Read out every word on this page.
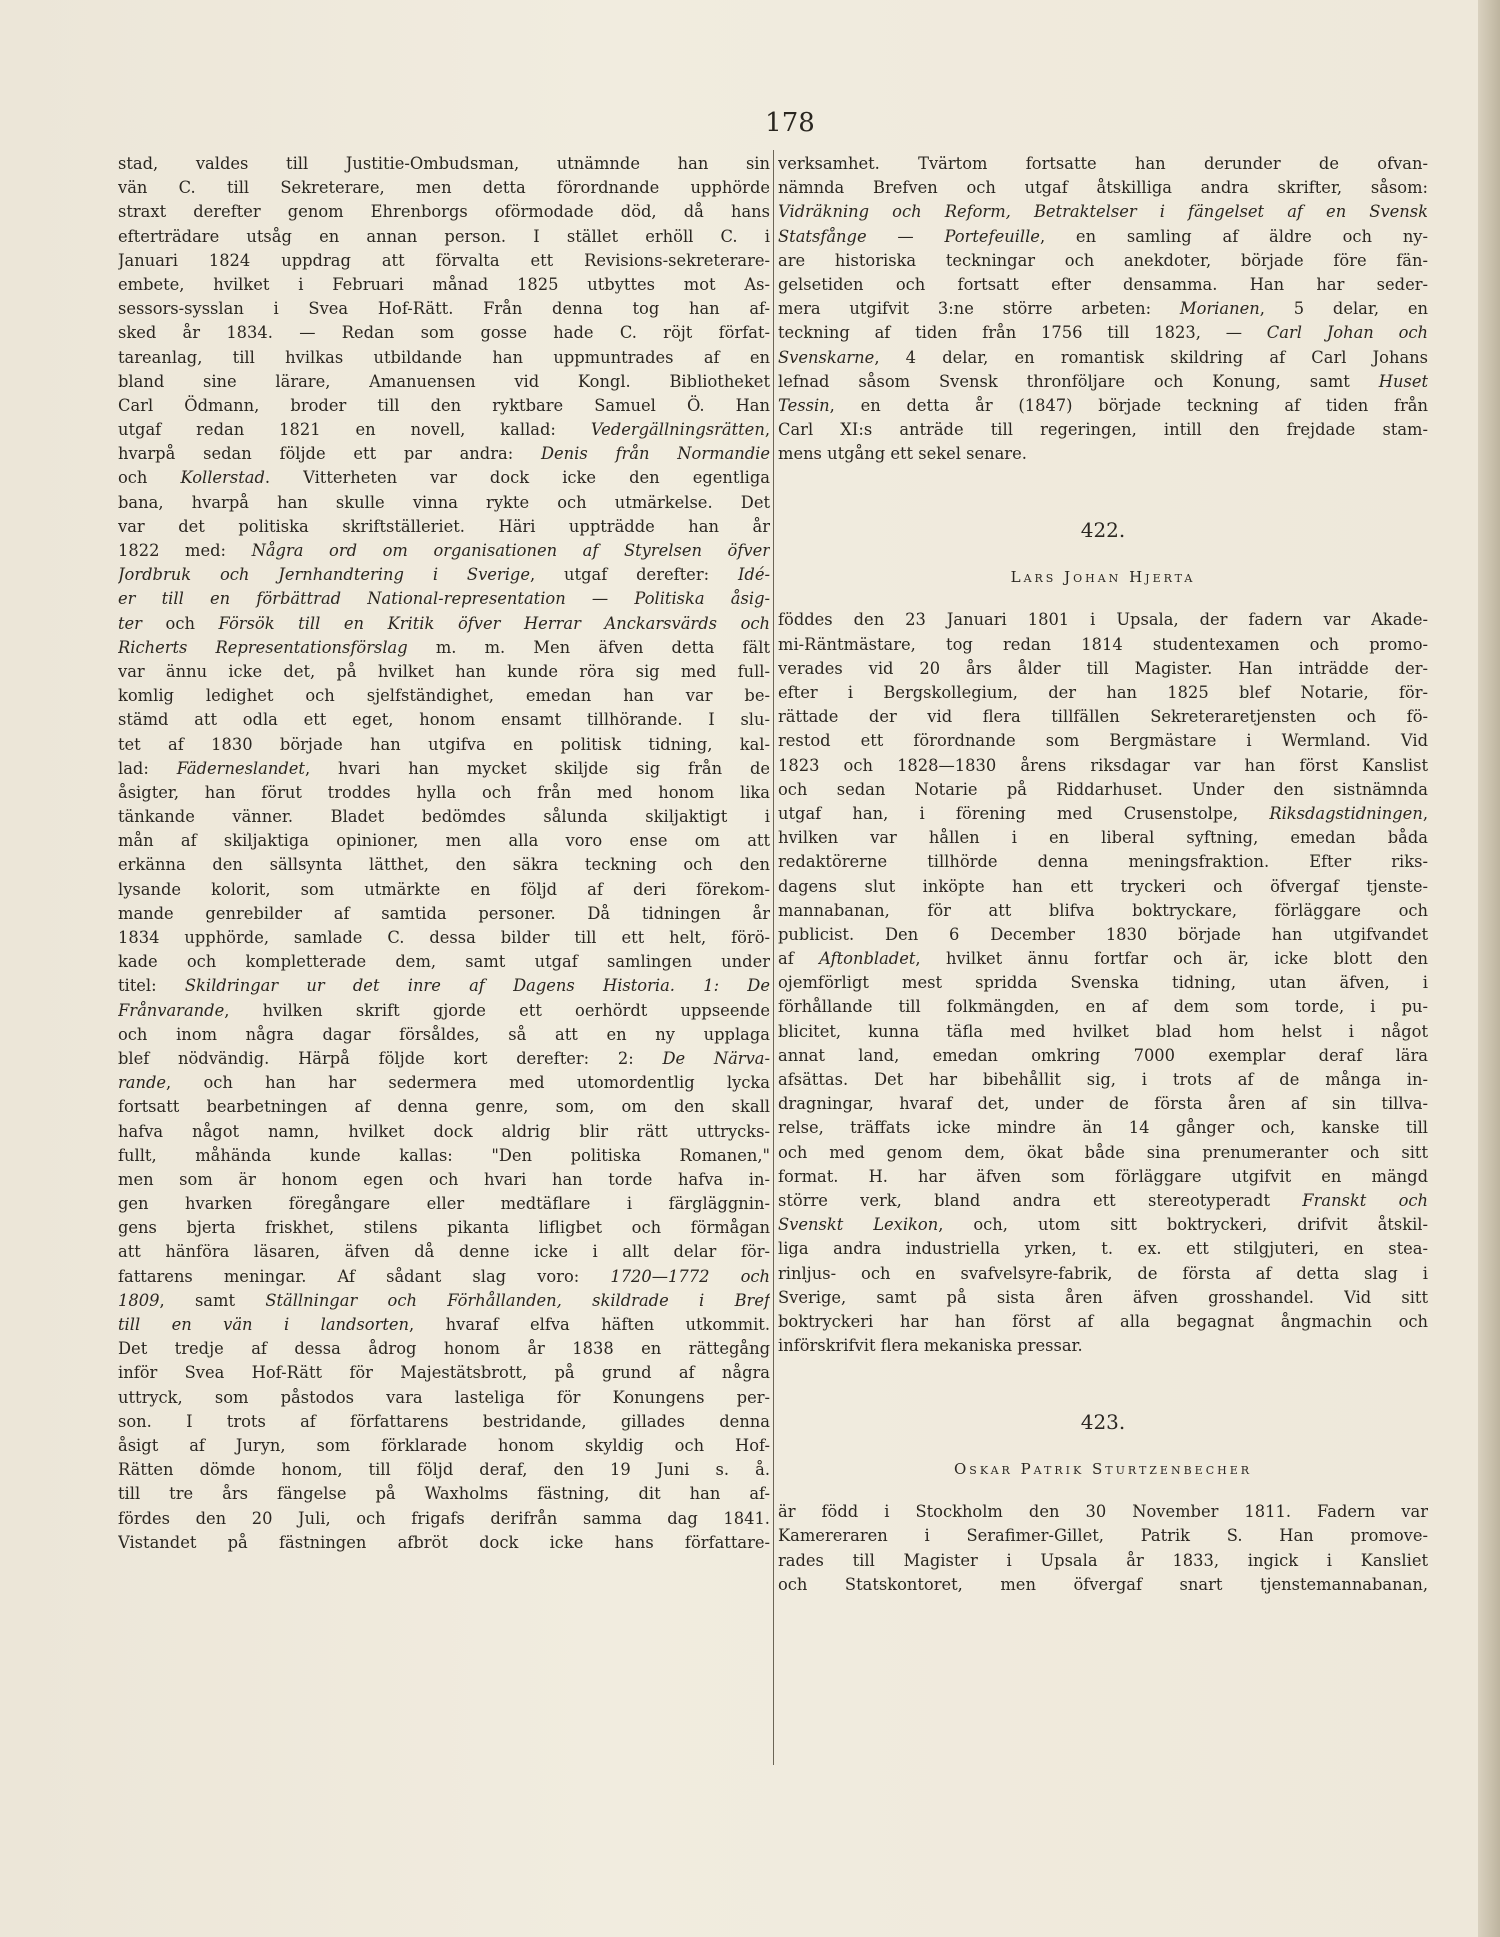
178
stad, valdes till Justitie-Ombudsman, utnämnde han sin
vän C. till Sekreterare, men detta förordnande upphörde
straxt derefter genom Ehrenborgs oförmodade död, då hans
efterträdare utsåg en annan person. I stället erhöll C. i
Januari 1824 uppdrag att förvalta ett Revisions-sekreterare-
embete, hvilket i Februari månad 1825 utbyttes mot As-
sessors-sysslan i Svea Hof-Rätt. Från denna tog han af-
sked år 1834. — Redan som gosse hade C. röjt förfat-
tareanlag, till hvilkas utbildande han uppmuntrades af en
bland sine lärare, Amanuensen vid Kongl. Bibliotheket
Carl Ödmann, broder till den ryktbare Samuel Ö. Han
utgaf redan 1821 en novell, kallad: Vedergällningsrätten,
hvarpå sedan följde ett par andra: Denis från Normandie
och Kollerstad. Vitterheten var dock icke den egentliga
bana, hvarpå han skulle vinna rykte och utmärkelse. Det
var det politiska skriftställeriet. Häri uppträdde han år
1822 med: Några ord om organisationen af Styrelsen öfver
Jordbruk och Jernhandtering i Sverige, utgaf derefter: Idé-
er till en förbättrad National-representation — Politiska åsig-
ter och Försök till en Kritik öfver Herrar Anckarsvärds och
Richerts Representationsförslag m. m. Men äfven detta fält
var ännu icke det, på hvilket han kunde röra sig med full-
komlig ledighet och sjelfständighet, emedan han var be-
stämd att odla ett eget, honom ensamt tillhörande. I slu-
tet af 1830 började han utgifva en politisk tidning, kal-
lad: Fäderneslandet, hvari han mycket skiljde sig från de
åsigter, han förut troddes hylla och från med honom lika
tänkande vänner. Bladet bedömdes sålunda skiljaktigt i
mån af skiljaktiga opinioner, men alla voro ense om att
erkänna den sällsynta lätthet, den säkra teckning och den
lysande kolorit, som utmärkte en följd af deri förekom-
mande genrebilder af samtida personer. Då tidningen år
1834 upphörde, samlade C. dessa bilder till ett helt, förö-
kade och kompletterade dem, samt utgaf samlingen under
titel: Skildringar ur det inre af Dagens Historia. 1: De
Frånvarande, hvilken skrift gjorde ett oerhördt uppseende
och inom några dagar försåldes, så att en ny upplaga
blef nödvändig. Härpå följde kort derefter: 2: De Närva-
rande, och han har sedermera med utomordentlig lycka
fortsatt bearbetningen af denna genre, som, om den skall
hafva något namn, hvilket dock aldrig blir rätt uttrycks-
fullt, måhända kunde kallas: "Den politiska Romanen,"
men som är honom egen och hvari han torde hafva in-
gen hvarken föregångare eller medtäflare i färgläggnin-
gens bjerta friskhet, stilens pikanta lifligbet och förmågan
att hänföra läsaren, äfven då denne icke i allt delar för-
fattarens meningar. Af sådant slag voro: 1720—1772 och
1809, samt Ställningar och Förhållanden, skildrade i Bref
till en vän i landsorten, hvaraf elfva häften utkommit.
Det tredje af dessa ådrog honom år 1838 en rättegång
inför Svea Hof-Rätt för Majestätsbrott, på grund af några
uttryck, som påstodos vara lasteliga för Konungens per-
son. I trots af författarens bestridande, gillades denna
åsigt af Juryn, som förklarade honom skyldig och Hof-
Rätten dömde honom, till följd deraf, den 19 Juni s. å.
till tre års fängelse på Waxholms fästning, dit han af-
fördes den 20 Juli, och frigafs derifrån samma dag 1841.
Vistandet på fästningen afbröt dock icke hans författare-
verksamhet. Tvärtom fortsatte han derunder de ofvan-
nämnda Brefven och utgaf åtskilliga andra skrifter, såsom:
Vidräkning och Reform, Betraktelser i fängelset af en Svensk
Statsfånge — Portefeuille, en samling af äldre och ny-
are historiska teckningar och anekdoter, började före fän-
gelsetiden och fortsatt efter densamma. Han har seder-
mera utgifvit 3:ne större arbeten: Morianen, 5 delar, en
teckning af tiden från 1756 till 1823, — Carl Johan och
Svenskarne, 4 delar, en romantisk skildring af Carl Johans
lefnad såsom Svensk thronföljare och Konung, samt Huset
Tessin, en detta år (1847) började teckning af tiden från
Carl XI:s anträde till regeringen, intill den frejdade stam-
mens utgång ett sekel senare.
422.
Lars Johan Hjerta
föddes den 23 Januari 1801 i Upsala, der fadern var Akade-
mi-Räntmästare, tog redan 1814 studentexamen och promo-
verades vid 20 års ålder till Magister. Han inträdde der-
efter i Bergskollegium, der han 1825 blef Notarie, för-
rättade der vid flera tillfällen Sekreteraretjensten och fö-
restod ett förordnande som Bergmästare i Wermland. Vid
1823 och 1828—1830 årens riksdagar var han först Kanslist
och sedan Notarie på Riddarhuset. Under den sistnämnda
utgaf han, i förening med Crusenstolpe, Riksdagstidningen,
hvilken var hållen i en liberal syftning, emedan båda
redaktörerne tillhörde denna meningsfraktion. Efter riks-
dagens slut inköpte han ett tryckeri och öfvergaf tjenste-
mannabanan, för att blifva boktryckare, förläggare och
publicist. Den 6 December 1830 började han utgifvandet
af Aftonbladet, hvilket ännu fortfar och är, icke blott den
ojemförligt mest spridda Svenska tidning, utan äfven, i
förhållande till folkmängden, en af dem som torde, i pu-
blicitet, kunna täfla med hvilket blad hom helst i något
annat land, emedan omkring 7000 exemplar deraf lära
afsättas. Det har bibehållit sig, i trots af de många in-
dragningar, hvaraf det, under de första åren af sin tillva-
relse, träffats icke mindre än 14 gånger och, kanske till
och med genom dem, ökat både sina prenumeranter och sitt
format. H. har äfven som förläggare utgifvit en mängd
större verk, bland andra ett stereotyperadt Franskt och
Svenskt Lexikon, och, utom sitt boktryckeri, drifvit åtskil-
liga andra industriella yrken, t. ex. ett stilgjuteri, en stea-
rinljus- och en svafvelsyre-fabrik, de första af detta slag i
Sverige, samt på sista åren äfven grosshandel. Vid sitt
boktryckeri har han först af alla begagnat ångmachin och
införskrifvit flera mekaniska pressar.
423.
Oskar Patrik Sturtzenbecher
är född i Stockholm den 30 November 1811. Fadern var
Kamereraren i Serafimer-Gillet, Patrik S. Han promove-
rades till Magister i Upsala år 1833, ingick i Kansliet
och Statskontoret, men öfvergaf snart tjenstemannabanan,
